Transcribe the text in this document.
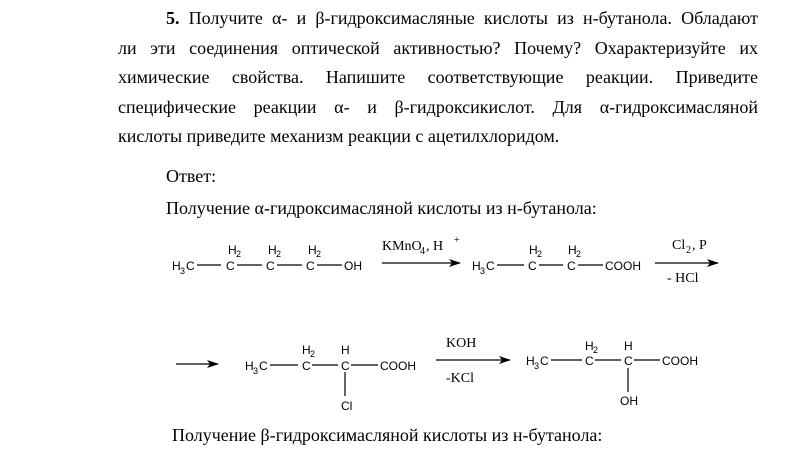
5. Получите α- и β-гидроксимасляные кислоты из н-бутанола. Обладают
ли эти соединения оптической активностью? Почему? Охарактеризуйте их
химические свойства. Напишите соответствующие реакции. Приведите
специфические реакции α- и β-гидроксикислот. Для α-гидроксимасляной
кислоты приведите механизм реакции с ацетилхлоридом.
Ответ:
Получение α-гидроксимасляной кислоты из н-бутанола:
H 3 C
H 2
C
H 2
C
H 2
C OH
KMnO
4 , H +
H 3 C
H 2
C
H 2
C COOH
Cl 2 , P
- HCl
H 3 C
H 2
C
H
C	COOH
Cl
KOH
-KCl
H 3 C
H 2
C
H
C COOH
OH
Получение β-гидроксимасляной кислоты из н-бутанола:
